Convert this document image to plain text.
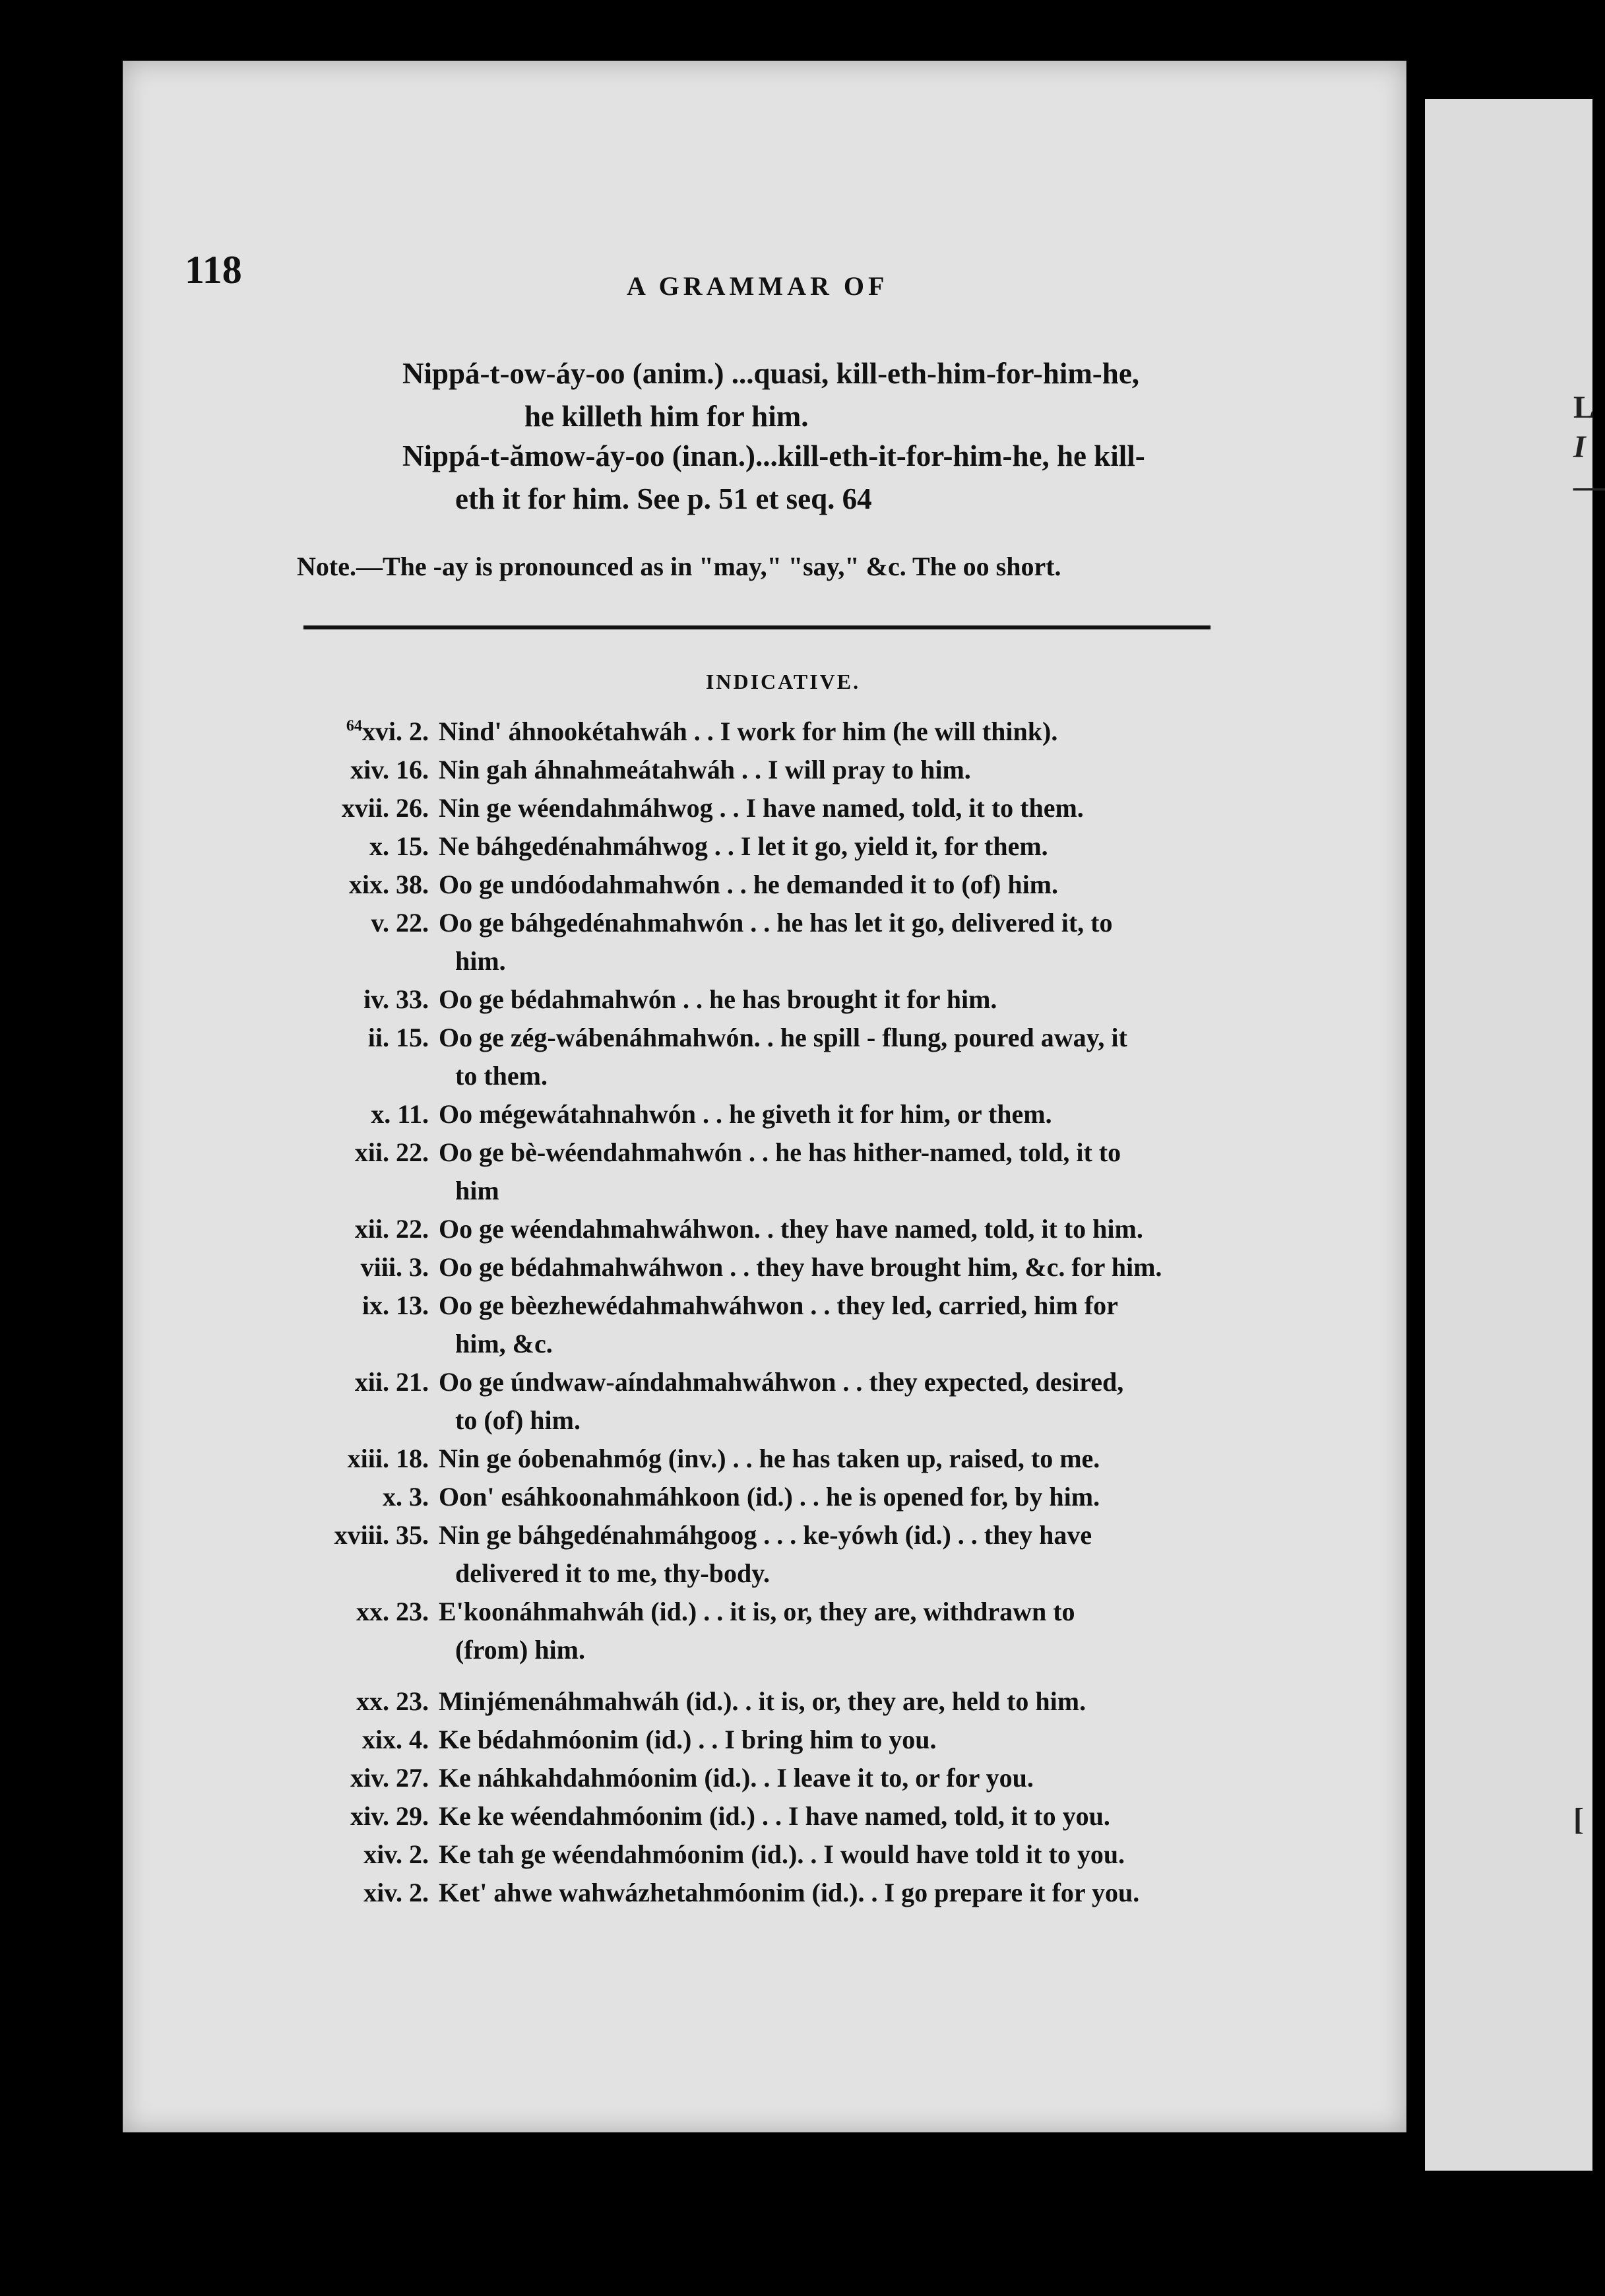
L
I
—
[
118	A GRAMMAR OF
Nippá-t-ow-áy-oo (anim.) ...quasi, kill-eth-him-for-him-he,
he killeth him for him.
Nippá-t-ămow-áy-oo (inan.)...kill-eth-it-for-him-he, he kill-
eth it for him. See p. 51 et seq. 64
Note.—The -ay is pronounced as in "may," "say," &c. The oo short.
INDICATIVE.
$^{64}$xvi. 2. Nind' áhnookétahwáh . . I work for him (he will think).
xiv. 16. Nin gah áhnahmeátahwáh . . I will pray to him.
xvii. 26. Nin ge wéendahmáhwog . . I have named, told, it to them.
x. 15. Ne báhgedénahmáhwog . . I let it go, yield it, for them.
xix. 38. Oo ge undóodahmahwón . . he demanded it to (of) him.
v. 22. Oo ge báhgedénahmahwón . . he has let it go, delivered it, to
him.
iv. 33. Oo ge bédahmahwón . . he has brought it for him.
ii. 15. Oo ge zég-wábenáhmahwón. . he spill - flung, poured away, it
to them.
x. 11. Oo mégewátahnahwón . . he giveth it for him, or them.
xii. 22. Oo ge bè-wéendahmahwón . . he has hither-named, told, it to
him
xii. 22. Oo ge wéendahmahwáhwon. . they have named, told, it to him.
viii. 3. Oo ge bédahmahwáhwon . . they have brought him, &c. for him.
ix. 13. Oo ge bèezhewédahmahwáhwon . . they led, carried, him for
him, &c.
xii. 21. Oo ge úndwaw-aíndahmahwáhwon . . they expected, desired,
to (of) him.
xiii. 18. Nin ge óobenahmóg (inv.) . . he has taken up, raised, to me.
x. 3. Oon' esáhkoonahmáhkoon (id.) . . he is opened for, by him.
xviii. 35. Nin ge báhgedénahmáhgoog . . . ke-yówh (id.) . . they have
delivered it to me, thy-body.
xx. 23. E'koonáhmahwáh (id.) . . it is, or, they are, withdrawn to
(from) him.
xx. 23. Minjémenáhmahwáh (id.). . it is, or, they are, held to him.
xix. 4. Ke bédahmóonim (id.) . . I bring him to you.
xiv. 27. Ke náhkahdahmóonim (id.). . I leave it to, or for you.
xiv. 29. Ke ke wéendahmóonim (id.) . . I have named, told, it to you.
xiv. 2. Ke tah ge wéendahmóonim (id.). . I would have told it to you.
xiv. 2. Ket' ahwe wahwázhetahmóonim (id.). . I go prepare it for you.
